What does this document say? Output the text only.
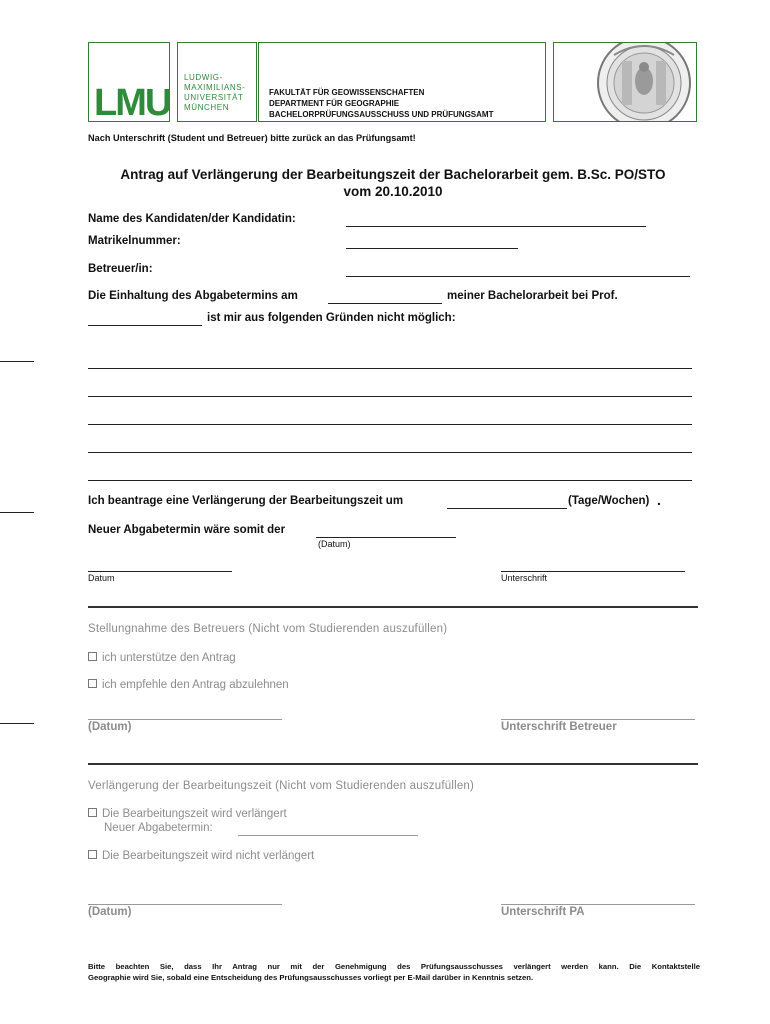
LMU
LUDWIG-
MAXIMILIANS-
UNIVERSITÄT
MÜNCHEN
FAKULTÄT FÜR GEOWISSENSCHAFTEN
DEPARTMENT FÜR GEOGRAPHIE
BACHELORPRÜFUNGSAUSSCHUSS UND PRÜFUNGSAMT
Nach Unterschrift (Student und Betreuer) bitte zurück an das Prüfungsamt!
Antrag auf Verlängerung der Bearbeitungszeit der Bachelorarbeit gem. B.Sc. PO/STO
vom 20.10.2010
Name des Kandidaten/der Kandidatin:
Matrikelnummer:
Betreuer/in:
Die Einhaltung des Abgabetermins am	meiner Bachelorarbeit bei Prof.
ist mir aus folgenden Gründen nicht möglich:
Ich beantrage eine Verlängerung der Bearbeitungszeit um	(Tage/Wochen) .
Neuer Abgabetermin wäre somit der
(Datum)
Datum	Unterschrift
Stellungnahme des Betreuers (Nicht vom Studierenden auszufüllen)
ich unterstütze den Antrag
ich empfehle den Antrag abzulehnen
(Datum)	Unterschrift Betreuer
Verlängerung der Bearbeitungszeit (Nicht vom Studierenden auszufüllen)
Die Bearbeitungszeit wird verlängert
Neuer Abgabetermin:
Die Bearbeitungszeit wird nicht verlängert
(Datum)	Unterschrift PA
Bitte beachten Sie, dass Ihr Antrag nur mit der Genehmigung des Prüfungsausschusses verlängert werden kann. Die Kontaktstelle
Geographie wird Sie, sobald eine Entscheidung des Prüfungsausschusses vorliegt per E-Mail darüber in Kenntnis setzen.
